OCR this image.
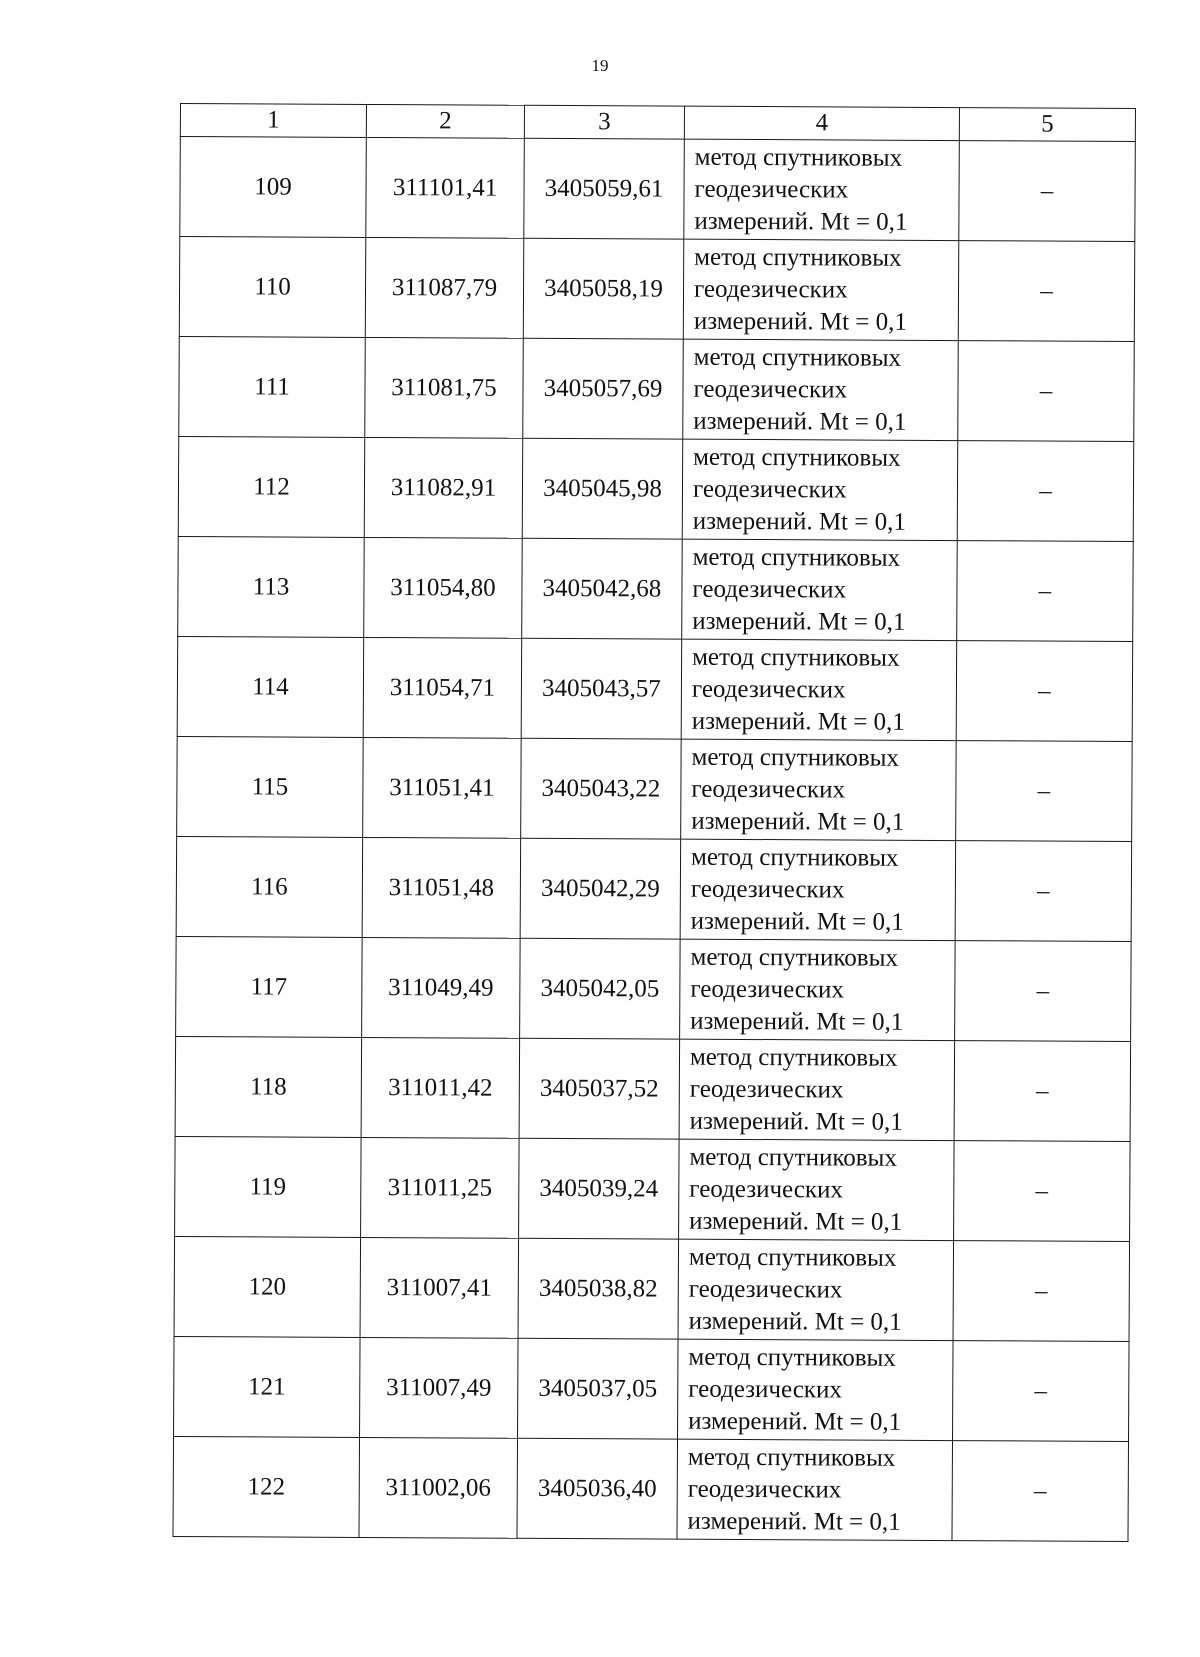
19
1	2	3	4	5
109	311101,41	3405059,61	метод спутниковых
геодезических
измерений. Mt = 0,1	–
110	311087,79	3405058,19	метод спутниковых
геодезических
измерений. Mt = 0,1	–
111	311081,75	3405057,69	метод спутниковых
геодезических
измерений. Mt = 0,1	–
112	311082,91	3405045,98	метод спутниковых
геодезических
измерений. Mt = 0,1	–
113	311054,80	3405042,68	метод спутниковых
геодезических
измерений. Mt = 0,1	–
114	311054,71	3405043,57	метод спутниковых
геодезических
измерений. Mt = 0,1	–
115	311051,41	3405043,22	метод спутниковых
геодезических
измерений. Mt = 0,1	–
116	311051,48	3405042,29	метод спутниковых
геодезических
измерений. Mt = 0,1	–
117	311049,49	3405042,05	метод спутниковых
геодезических
измерений. Mt = 0,1	–
118	311011,42	3405037,52	метод спутниковых
геодезических
измерений. Mt = 0,1	–
119	311011,25	3405039,24	метод спутниковых
геодезических
измерений. Mt = 0,1	–
120	311007,41	3405038,82	метод спутниковых
геодезических
измерений. Mt = 0,1	–
121	311007,49	3405037,05	метод спутниковых
геодезических
измерений. Mt = 0,1	–
122	311002,06	3405036,40	метод спутниковых
геодезических
измерений. Mt = 0,1	–
